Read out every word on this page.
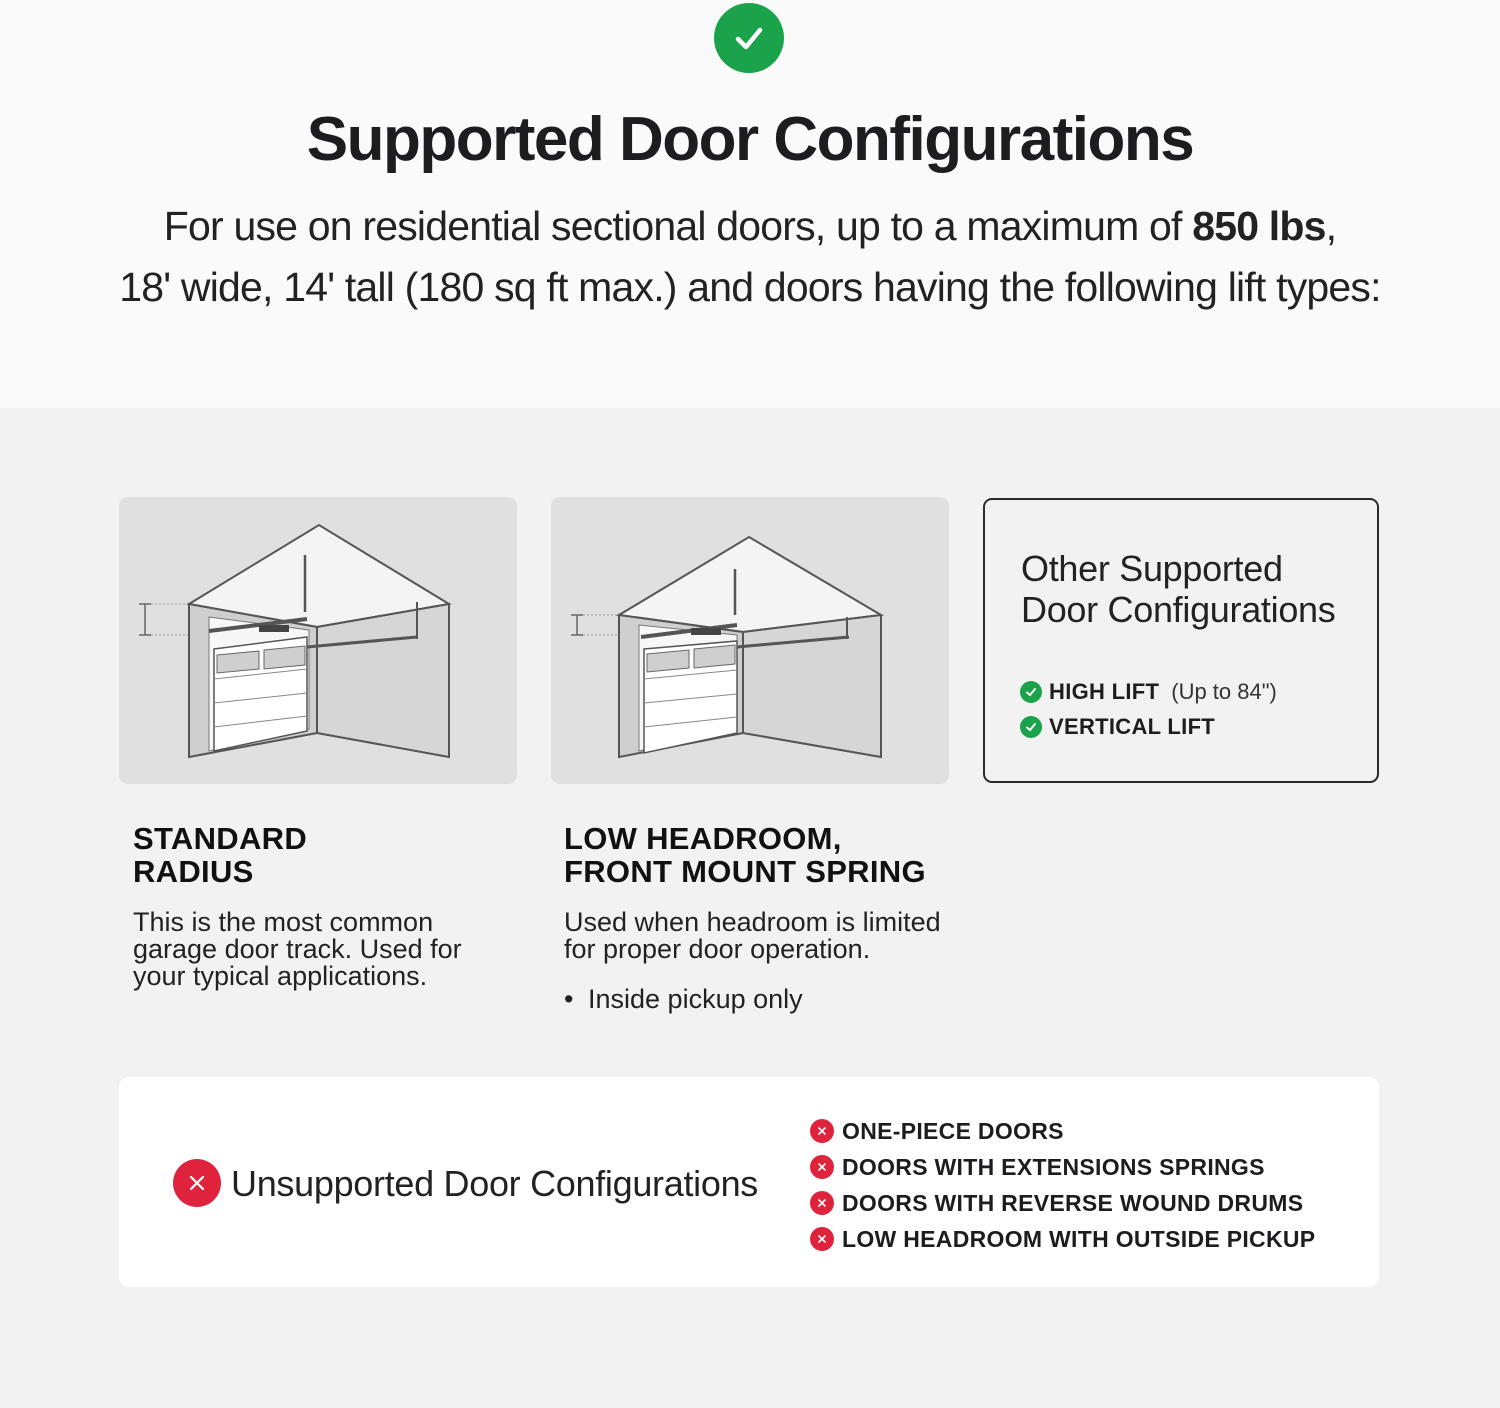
Supported Door Configurations
For use on residential sectional doors, up to a maximum of 850 lbs,
18' wide, 14' tall (180 sq ft max.) and doors having the following lift types:
Other Supported
Door Configurations
HIGH LIFT (Up to 84")
VERTICAL LIFT
STANDARD
RADIUS
This is the most common
garage door track. Used for
your typical applications.
LOW HEADROOM,
FRONT MOUNT SPRING
Used when headroom is limited
for proper door operation.
• Inside pickup only
Unsupported Door Configurations
ONE-PIECE DOORS
DOORS WITH EXTENSIONS SPRINGS
DOORS WITH REVERSE WOUND DRUMS
LOW HEADROOM WITH OUTSIDE PICKUP
